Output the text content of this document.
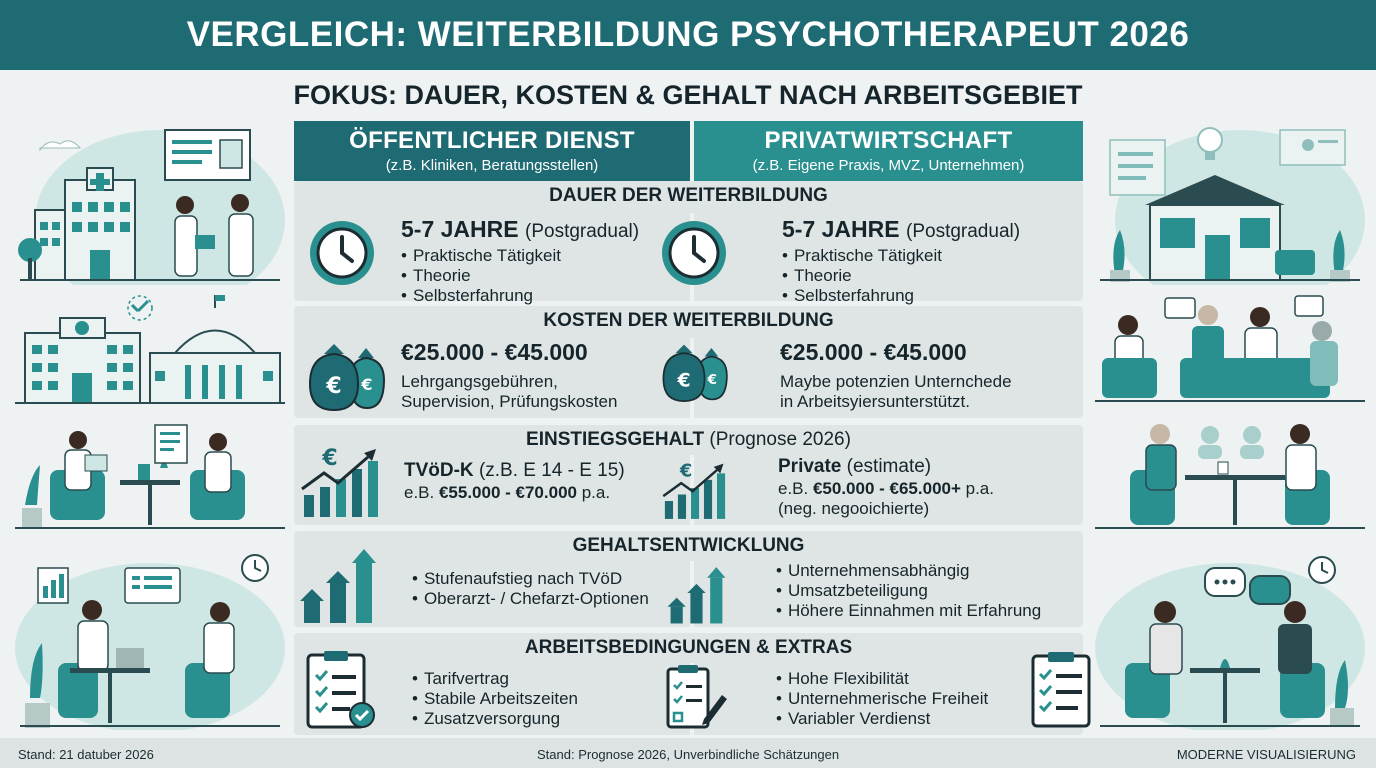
VERGLEICH: WEITERBILDUNG PSYCHOTHERAPEUT 2026
FOKUS: DAUER, KOSTEN & GEHALT NACH ARBEITSGEBIET
ÖFFENTLICHER DIENST
(z.B. Kliniken, Beratungsstellen)
PRIVATWIRTSCHAFT
(z.B. Eigene Praxis, MVZ, Unternehmen)
DAUER DER WEITERBILDUNG
5-7 JAHRE (Postgradual)
• Praktische Tätigkeit
• Theorie
• Selbsterfahrung
5-7 JAHRE (Postgradual)
• Praktische Tätigkeit
• Theorie
• Selbsterfahrung
KOSTEN DER WEITERBILDUNG
€ €
€25.000 - €45.000
Lehrgangsgebühren,
Supervision, Prüfungskosten
€ €
€25.000 - €45.000
Maybe potenzien Unternchede
in Arbeitsyiersunterstützt.
EINSTIEGSGEHALT (Prognose 2026)
€	TVöD-K (z.B. E 14 - E 15)
e.B. €55.000 - €70.000 p.a.
€	Private (estimate)
e.B. €50.000 - €65.000+ p.a.
(neg. negooichierte)
GEHALTSENTWICKLUNG
• Stufenaufstieg nach TVöD
• Oberarzt- / Chefarzt-Optionen
• Unternehmensabhängig
• Umsatzbeteiligung
• Höhere Einnahmen mit Erfahrung
ARBEITSBEDINGUNGEN & EXTRAS
• Tarifvertrag
• Stabile Arbeitszeiten
• Zusatzversorgung
• Hohe Flexibilität
• Unternehmerische Freiheit
• Variabler Verdienst
Stand: 21 datuber 2026	Stand: Prognose 2026, Unverbindliche Schätzungen	MODERNE VISUALISIERUNG
